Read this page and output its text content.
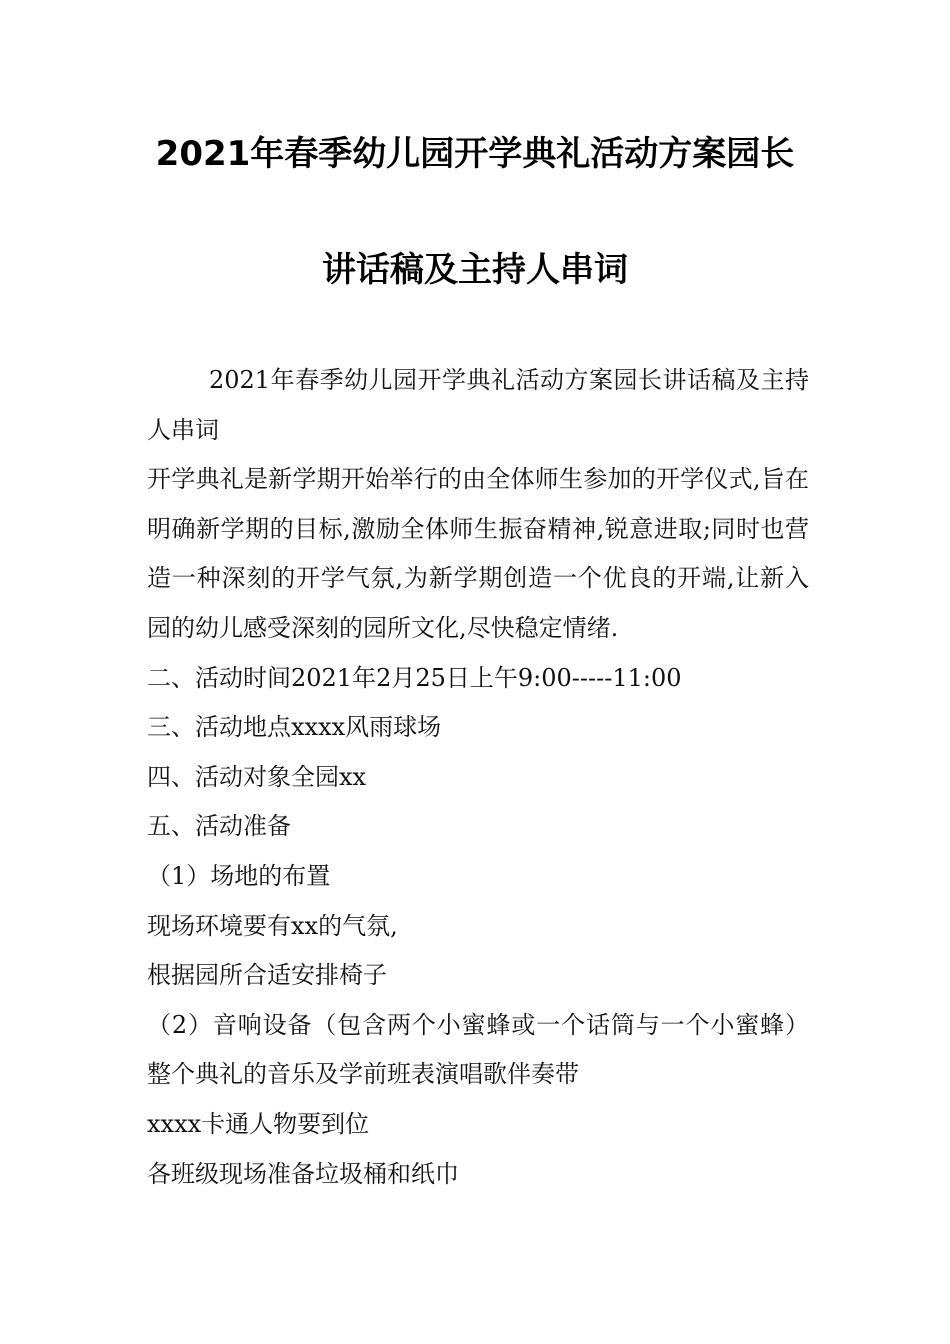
2021年春季幼儿园开学典礼活动方案园长
讲话稿及主持人串词

2021年春季幼儿园开学典礼活动方案园长讲话稿及主持人串词

开学典礼是新学期开始举行的由全体师生参加的开学仪式,旨在明确新学期的目标,激励全体师生振奋精神,锐意进取;同时也营造一种深刻的开学气氛,为新学期创造一个优良的开端,让新入园的幼儿感受深刻的园所文化,尽快稳定情绪.

二、活动时间2021年2月25日上午9:00-----11:00

三、活动地点xxxx风雨球场

四、活动对象全园xx

五、活动准备

（1）场地的布置

现场环境要有xx的气氛,

根据园所合适安排椅子

（2）音响设备（包含两个小蜜蜂或一个话筒与一个小蜜蜂）整个典礼的音乐及学前班表演唱歌伴奏带

xxxx卡通人物要到位

各班级现场准备垃圾桶和纸巾
